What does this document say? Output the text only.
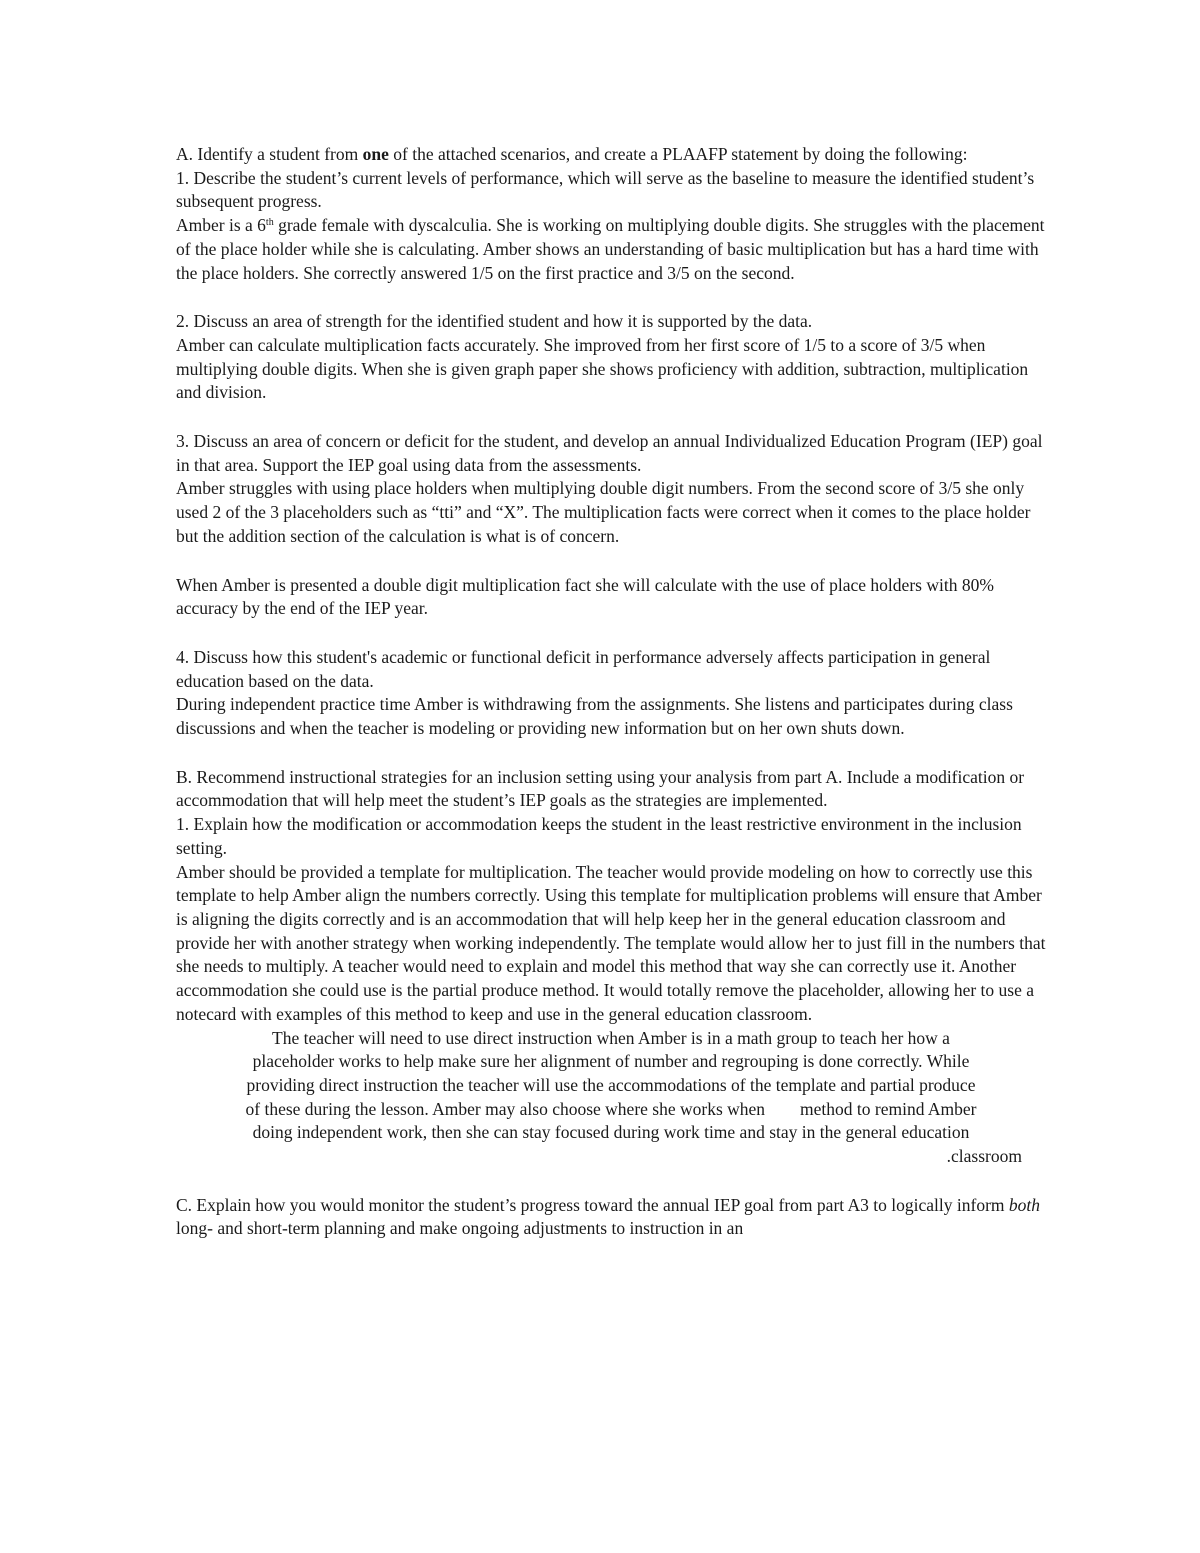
A. Identify a student from one of the attached scenarios, and create a PLAAFP statement by doing the following:

1. Describe the student’s current levels of performance, which will serve as the baseline to measure the identified student’s subsequent progress.

Amber is a 6th grade female with dyscalculia. She is working on multiplying double digits. She struggles with the placement of the place holder while she is calculating. Amber shows an understanding of basic multiplication but has a hard time with the place holders. She correctly answered 1/5 on the first practice and 3/5 on the second.

2. Discuss an area of strength for the identified student and how it is supported by the data.

Amber can calculate multiplication facts accurately. She improved from her first score of 1/5 to a score of 3/5 when multiplying double digits. When she is given graph paper she shows proficiency with addition, subtraction, multiplication and division.

3. Discuss an area of concern or deficit for the student, and develop an annual Individualized Education Program (IEP) goal in that area. Support the IEP goal using data from the assessments.

Amber struggles with using place holders when multiplying double digit numbers. From the second score of 3/5 she only used 2 of the 3 placeholders such as “tti” and “X”. The multiplication facts were correct when it comes to the place holder but the addition section of the calculation is what is of concern.

When Amber is presented a double digit multiplication fact she will calculate with the use of place holders with 80% accuracy by the end of the IEP year.

4. Discuss how this student's academic or functional deficit in performance adversely affects participation in general education based on the data.

During independent practice time Amber is withdrawing from the assignments. She listens and participates during class discussions and when the teacher is modeling or providing new information but on her own shuts down.

B. Recommend instructional strategies for an inclusion setting using your analysis from part A. Include a modification or accommodation that will help meet the student’s IEP goals as the strategies are implemented.

1. Explain how the modification or accommodation keeps the student in the least restrictive environment in the inclusion setting.

Amber should be provided a template for multiplication. The teacher would provide modeling on how to correctly use this template to help Amber align the numbers correctly. Using this template for multiplication problems will ensure that Amber is aligning the digits correctly and is an accommodation that will help keep her in the general education classroom and provide her with another strategy when working independently. The template would allow her to just fill in the numbers that she needs to multiply. A teacher would need to explain and model this method that way she can correctly use it. Another accommodation she could use is the partial produce method. It would totally remove the placeholder, allowing her to use a notecard with examples of this method to keep and use in the general education classroom.

The teacher will need to use direct instruction when Amber is in a math group to teach her how a

placeholder works to help make sure her alignment of number and regrouping is done correctly. While

providing direct instruction the teacher will use the accommodations of the template and partial produce

of these during the lesson. Amber may also choose where she works when        method to remind Amber

doing independent work, then she can stay focused during work time and stay in the general education

.classroom

C. Explain how you would monitor the student’s progress toward the annual IEP goal from part A3 to logically inform both long- and short-term planning and make ongoing adjustments to instruction in an
